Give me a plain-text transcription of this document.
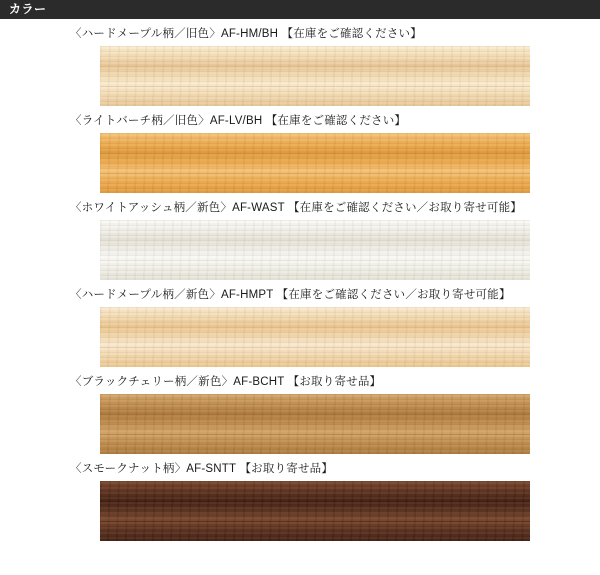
カラー
〈ハードメープル柄／旧色〉AF-HM/BH 【在庫をご確認ください】
〈ライトバーチ柄／旧色〉AF-LV/BH 【在庫をご確認ください】
〈ホワイトアッシュ柄／新色〉AF-WAST 【在庫をご確認ください／お取り寄せ可能】
〈ハードメープル柄／新色〉AF-HMPT 【在庫をご確認ください／お取り寄せ可能】
〈ブラックチェリー柄／新色〉AF-BCHT 【お取り寄せ品】
〈スモークナット柄〉AF-SNTT 【お取り寄せ品】
